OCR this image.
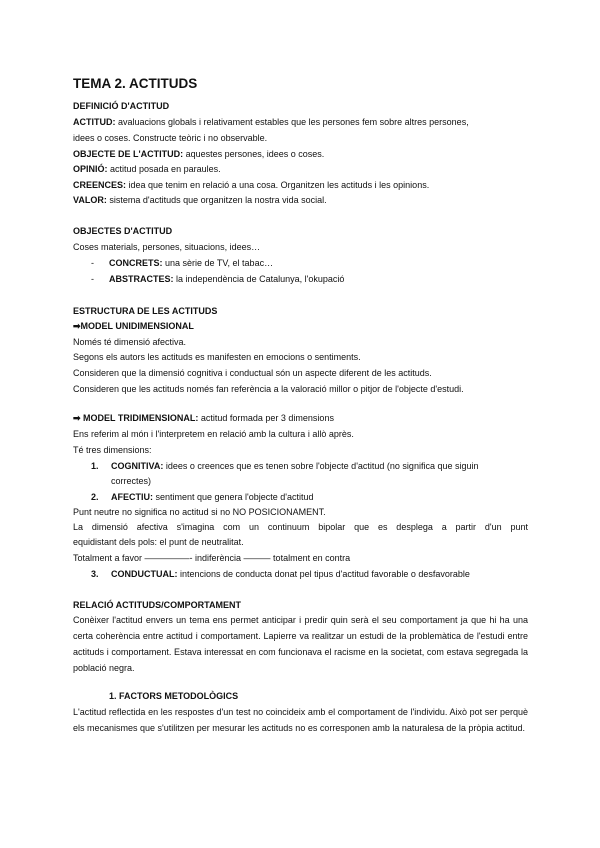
TEMA 2. ACTITUDS
DEFINICIÓ D'ACTITUD
ACTITUD: avaluacions globals i relativament estables que les persones fem sobre altres persones,
idees o coses. Constructe teòric i no observable.
OBJECTE DE L'ACTITUD: aquestes persones, idees o coses.
OPINIÓ: actitud posada en paraules.
CREENCES: idea que tenim en relació a una cosa. Organitzen les actituds i les opinions.
VALOR: sistema d'actituds que organitzen la nostra vida social.
OBJECTES D'ACTITUD
Coses materials, persones, situacions, idees…
- CONCRETS: una sèrie de TV, el tabac…
- ABSTRACTES: la independència de Catalunya, l'okupació
ESTRUCTURA DE LES ACTITUDS
➡MODEL UNIDIMENSIONAL
Només té dimensió afectiva.
Segons els autors les actituds es manifesten en emocions o sentiments.
Consideren que la dimensió cognitiva i conductual són un aspecte diferent de les actituds.
Consideren que les actituds només fan referència a la valoració millor o pitjor de l'objecte d'estudi.
➡ MODEL TRIDIMENSIONAL: actitud formada per 3 dimensions
Ens referim al món i l'interpretem en relació amb la cultura i allò après.
Té tres dimensions:
1. COGNITIVA: idees o creences que es tenen sobre l'objecte d'actitud (no significa que siguin
correctes)
2. AFECTIU: sentiment que genera l'objecte d'actitud
Punt neutre no significa no actitud si no NO POSICIONAMENT.
La dimensió afectiva s'imagina com un continuum bipolar que es desplega a partir d'un punt
equidistant dels pols: el punt de neutralitat.
Totalment a favor —————- indiferència ——— totalment en contra
3. CONDUCTUAL: intencions de conducta donat pel tipus d'actitud favorable o desfavorable
RELACIÓ ACTITUDS/COMPORTAMENT
Conèixer l'actitud envers un tema ens permet anticipar i predir quin serà el seu comportament ja que hi ha una certa coherència entre actitud i comportament. Lapierre va realitzar un estudi de la problemàtica de l'estudi entre actituds i comportament. Estava interessat en com funcionava el racisme en la societat, com estava segregada la població negra.
1. FACTORS METODOLÒGICS
L'actitud reflectida en les respostes d'un test no coincideix amb el comportament de l'individu. Això pot ser perquè els mecanismes que s'utilitzen per mesurar les actituds no es corresponen amb la naturalesa de la pròpia actitud.
